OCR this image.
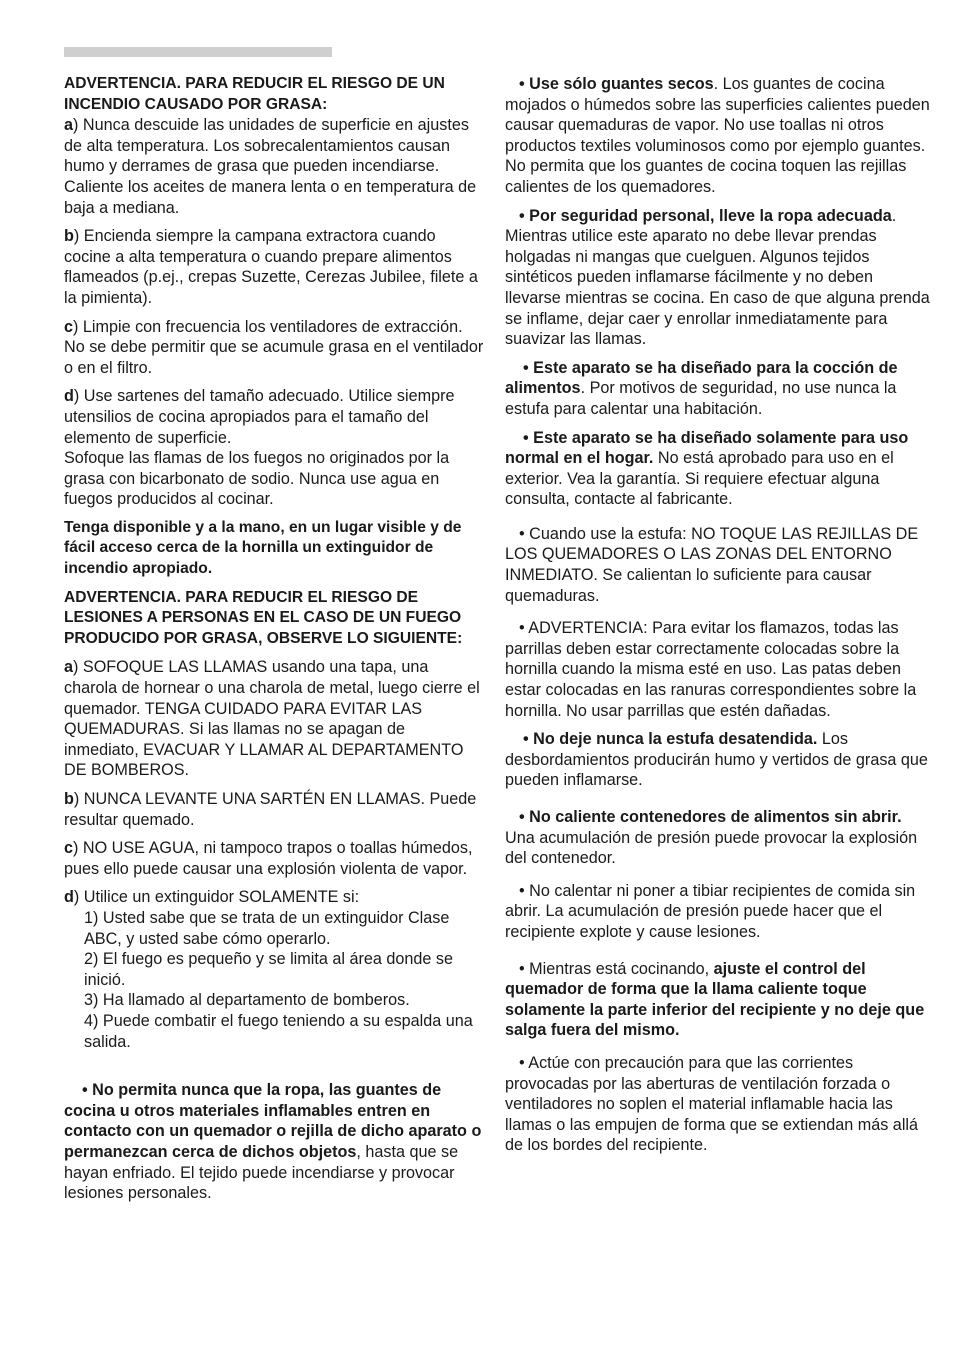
ADVERTENCIA. PARA REDUCIR EL RIESGO DE UN INCENDIO CAUSADO POR GRASA:

a) Nunca descuide las unidades de superficie en ajustes de alta temperatura. Los sobrecalentamientos causan humo y derrames de grasa que pueden incendiarse. Caliente los aceites de manera lenta o en temperatura de baja a mediana.

b) Encienda siempre la campana extractora cuando cocine a alta temperatura o cuando prepare alimentos flameados (p.ej., crepas Suzette, Cerezas Jubilee, filete a la pimienta).

c) Limpie con frecuencia los ventiladores de extracción. No se debe permitir que se acumule grasa en el ventilador o en el filtro.

d) Use sartenes del tamaño adecuado. Utilice siempre utensilios de cocina apropiados para el tamaño del elemento de superficie.

Sofoque las flamas de los fuegos no originados por la grasa con bicarbonato de sodio. Nunca use agua en fuegos producidos al cocinar.

Tenga disponible y a la mano, en un lugar visible y de fácil acceso cerca de la hornilla un extinguidor de incendio apropiado.

ADVERTENCIA. PARA REDUCIR EL RIESGO DE LESIONES A PERSONAS EN EL CASO DE UN FUEGO PRODUCIDO POR GRASA, OBSERVE LO SIGUIENTE:

a) SOFOQUE LAS LLAMAS usando una tapa, una charola de hornear o una charola de metal, luego cierre el quemador. TENGA CUIDADO PARA EVITAR LAS QUEMADURAS. Si las llamas no se apagan de inmediato, EVACUAR Y LLAMAR AL DEPARTAMENTO DE BOMBEROS.

b) NUNCA LEVANTE UNA SARTÉN EN LLAMAS. Puede resultar quemado.

c) NO USE AGUA, ni tampoco trapos o toallas húmedos, pues ello puede causar una explosión violenta de vapor.

d) Utilice un extinguidor SOLAMENTE si:

1) Usted sabe que se trata de un extinguidor Clase ABC, y usted sabe cómo operarlo.

2) El fuego es pequeño y se limita al área donde se inició.

3) Ha llamado al departamento de bomberos.

4) Puede combatir el fuego teniendo a su espalda una salida.

• No permita nunca que la ropa, las guantes de cocina u otros materiales inflamables entren en contacto con un quemador o rejilla de dicho aparato o permanezcan cerca de dichos objetos, hasta que se hayan enfriado. El tejido puede incendiarse y provocar lesiones personales.

• Use sólo guantes secos. Los guantes de cocina mojados o húmedos sobre las superficies calientes pueden causar quemaduras de vapor. No use toallas ni otros productos textiles voluminosos como por ejemplo guantes. No permita que los guantes de cocina toquen las rejillas calientes de los quemadores.

• Por seguridad personal, lleve la ropa adecuada. Mientras utilice este aparato no debe llevar prendas holgadas ni mangas que cuelguen. Algunos tejidos sintéticos pueden inflamarse fácilmente y no deben llevarse mientras se cocina. En caso de que alguna prenda se inflame, dejar caer y enrollar inmediatamente para suavizar las llamas.

• Este aparato se ha diseñado para la cocción de alimentos. Por motivos de seguridad, no use nunca la estufa para calentar una habitación.

• Este aparato se ha diseñado solamente para uso normal en el hogar. No está aprobado para uso en el exterior. Vea la garantía. Si requiere efectuar alguna consulta, contacte al fabricante.

• Cuando use la estufa: NO TOQUE LAS REJILLAS DE LOS QUEMADORES O LAS ZONAS DEL ENTORNO INMEDIATO. Se calientan lo suficiente para causar quemaduras.

• ADVERTENCIA: Para evitar los flamazos, todas las parrillas deben estar correctamente colocadas sobre la hornilla cuando la misma esté en uso. Las patas deben estar colocadas en las ranuras correspondientes sobre la hornilla. No usar parrillas que estén dañadas.

• No deje nunca la estufa desatendida. Los desbordamientos producirán humo y vertidos de grasa que pueden inflamarse.

• No caliente contenedores de alimentos sin abrir. Una acumulación de presión puede provocar la explosión del contenedor.

• No calentar ni poner a tibiar recipientes de comida sin abrir. La acumulación de presión puede hacer que el recipiente explote y cause lesiones.

• Mientras está cocinando, ajuste el control del quemador de forma que la llama caliente toque solamente la parte inferior del recipiente y no deje que salga fuera del mismo.

• Actúe con precaución para que las corrientes provocadas por las aberturas de ventilación forzada o ventiladores no soplen el material inflamable hacia las llamas o las empujen de forma que se extiendan más allá de los bordes del recipiente.
